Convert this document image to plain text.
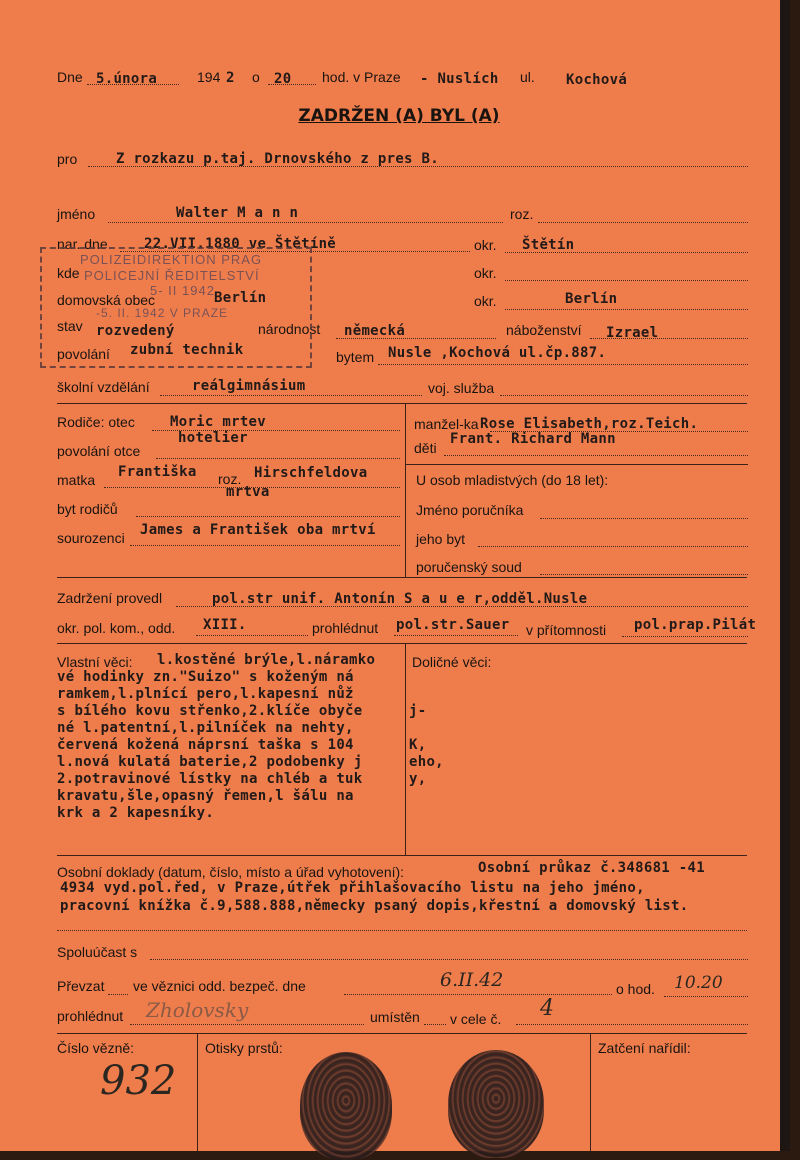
Dne 5.února	194 2 o 20 hod. v Praze - Nuslích ul. Kochová
ZADRŽEN (A) BYL (A)
pro	Z rozkazu p.taj. Drnovského z pres B.
jméno	Walter M a n n	roz.
nar. dne	22.VII.1880 ve Štětíně	okr. Štětín
kde	okr.
domovská obec	Berlín	okr.	Berlín
stav rozvedený	národnost německá	náboženství Izrael
povolání zubní technik	bytem Nusle ,Kochová ul.čp.887.
POLIZEIDIREKTION PRAG
POLICEJNÍ ŘEDITELSTVÍ
5- II 1942
-5. II. 1942 V PRAZE
školní vzdělání	reálgimnásium	voj. služba
Rodiče: otec	Moric mrtev
povolání otce
hotelier
matka Františka roz. Hirschfeldova
mrtva
byt rodičů
sourozenci James a František oba mrtví
manžel-ka Rose Elisabeth,roz.Teich.
děti
Frant. Richard Mann
U osob mladistvých (do 18 let):
Jméno poručníka
jeho byt
poručenský soud
Zadržení provedl	pol.str unif. Antonín S a u e r,odděl.Nusle
okr. pol. kom., odd. XIII.	prohlédnut pol.str.Sauer v přítomnosti pol.prap.Pilát
Vlastní věci: l.kostěné brýle,l.náramko
vé hodinky zn."Suizo" s koženým ná
ramkem,l.plnící pero,l.kapesní nůž
s bílého kovu střenko,2.klíče obyče
né l.patentní,l.pilníček na nehty,
červená kožená náprsní taška s 104
l.nová kulatá baterie,2 podobenky j
2.potravinové lístky na chléb a tuk
kravatu,šle,opasný řemen,l šálu na
krk a 2 kapesníky.
j-
K,
eho,
y,
Doličné věci:
Osobní doklady (datum, číslo, místo a úřad vyhotovení):	Osobní průkaz č.348681 -41
4934 vyd.pol.řed, v Praze,útřek přihlašovacího listu na jeho jméno,
pracovní knížka č.9,588.888,německy psaný dopis,křestní a domovský list.
Spoluúčast s
Převzat ve věznici odd. bezpeč. dne	6.II.42	o hod. 10.20
prohlédnut Zholovsky	umístěn v cele č. 4
Číslo vězně:
932
Otisky prstů:	Zatčení nařídil:
